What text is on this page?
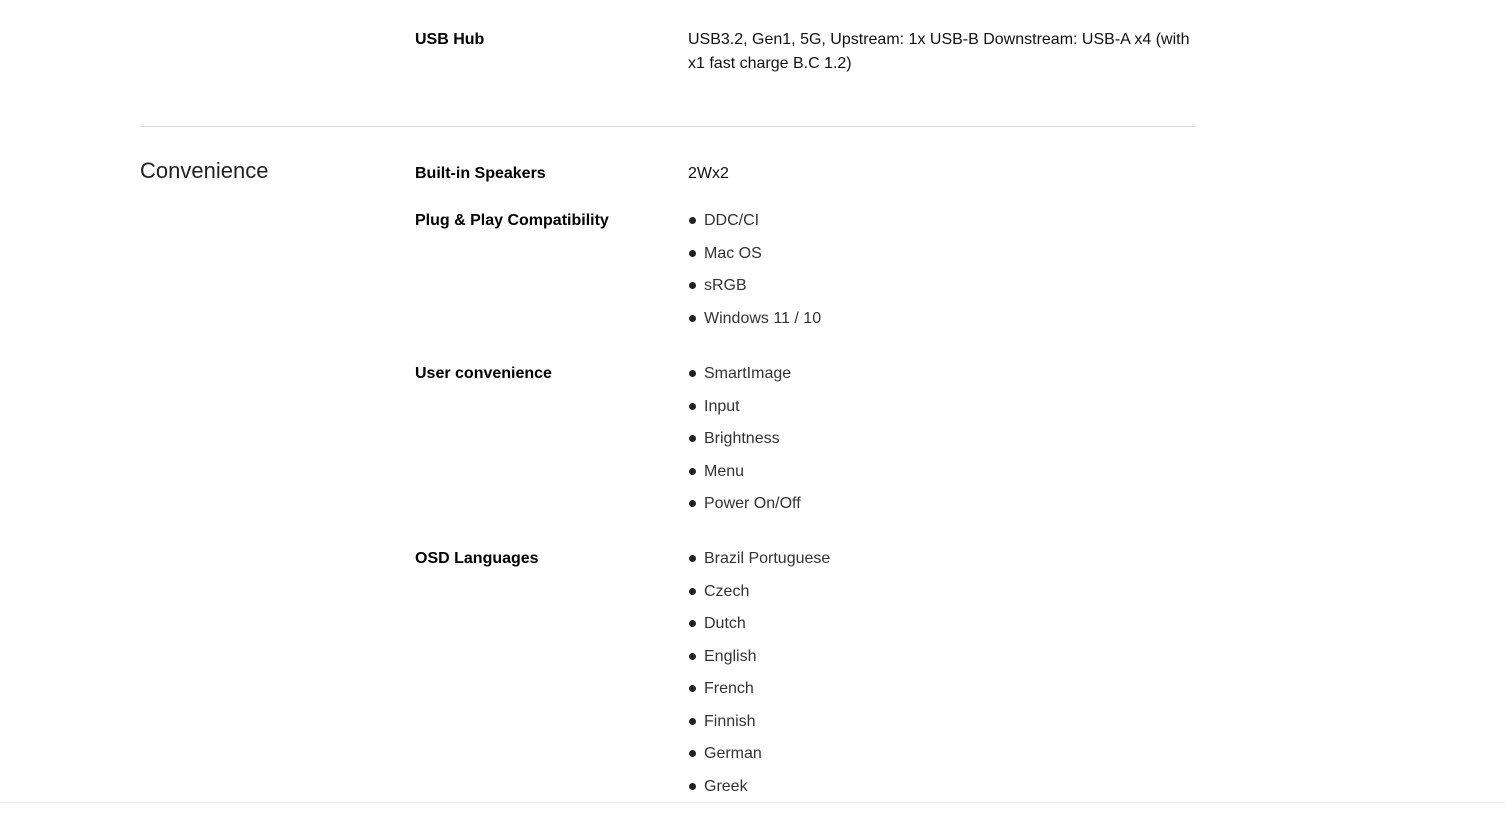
USB Hub	USB3.2, Gen1, 5G, Upstream: 1x USB-B Downstream: USB-A x4 (with
x1 fast charge B.C 1.2)
Convenience	Built-in Speakers	2Wx2
Plug & Play Compatibility	DDC/CI
Mac OS
sRGB
Windows 11 / 10
User convenience	SmartImage
Input
Brightness
Menu
Power On/Off
OSD Languages	Brazil Portuguese
Czech
Dutch
English
French
Finnish
German
Greek
